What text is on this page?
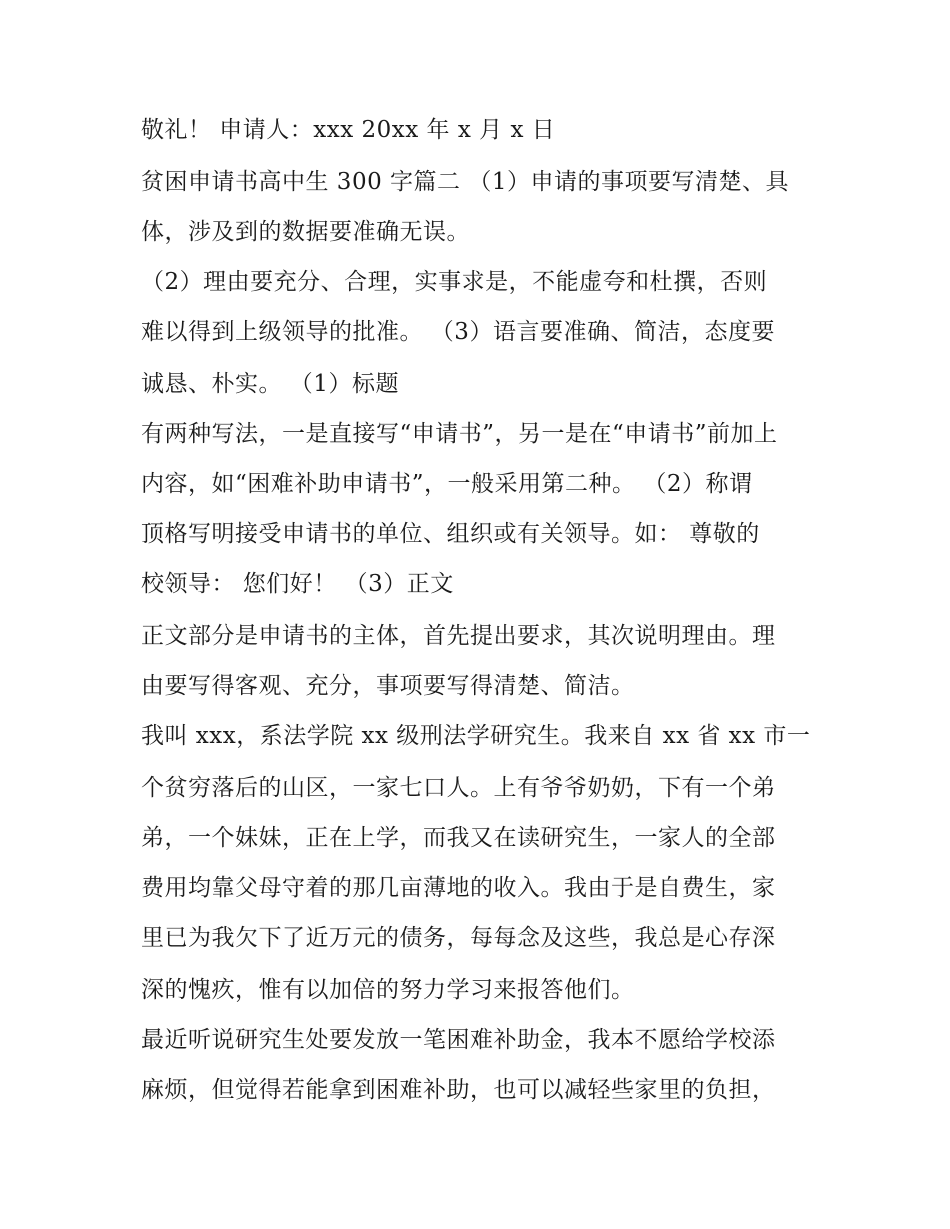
敬礼！ 申请人：xxx 20xx 年 x 月 x 日
贫困申请书高中生 300 字篇二 （1）申请的事项要写清楚、具
体，涉及到的数据要准确无误。
（2）理由要充分、合理，实事求是，不能虚夸和杜撰，否则
难以得到上级领导的批准。 （3）语言要准确、简洁，态度要
诚恳、朴实。 （1）标题
有两种写法，一是直接写“申请书”，另一是在“申请书”前加上
内容，如“困难补助申请书”，一般采用第二种。 （2）称谓
顶格写明接受申请书的单位、组织或有关领导。如： 尊敬的
校领导： 您们好！ （3）正文
正文部分是申请书的主体，首先提出要求，其次说明理由。理
由要写得客观、充分，事项要写得清楚、简洁。
我叫 xxx，系法学院 xx 级刑法学研究生。我来自 xx 省 xx 市一
个贫穷落后的山区，一家七口人。上有爷爷奶奶，下有一个弟
弟，一个妹妹，正在上学，而我又在读研究生，一家人的全部
费用均靠父母守着的那几亩薄地的收入。我由于是自费生，家
里已为我欠下了近万元的债务，每每念及这些，我总是心存深
深的愧疚，惟有以加倍的努力学习来报答他们。
最近听说研究生处要发放一笔困难补助金，我本不愿给学校添
麻烦，但觉得若能拿到困难补助，也可以减轻些家里的负担，
